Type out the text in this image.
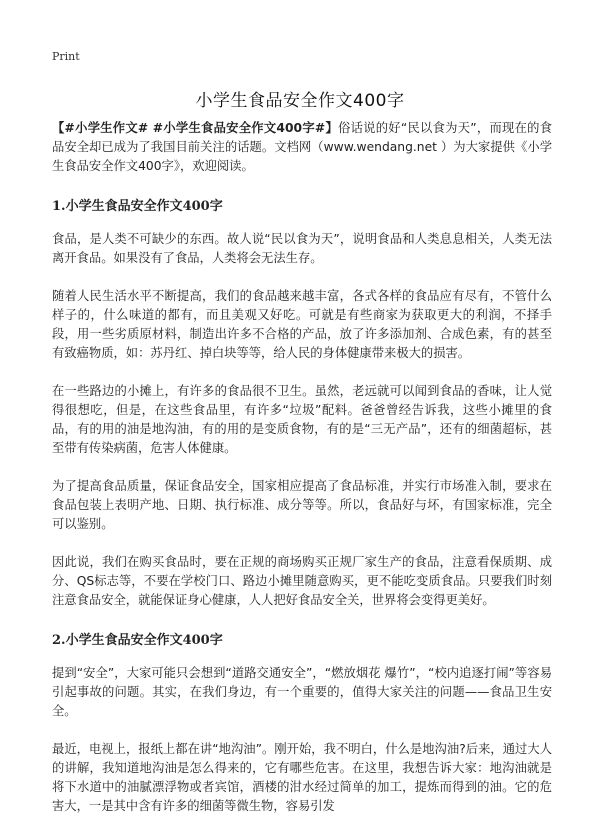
Print
小学生食品安全作文400字

【#小学生作文# #小学生食品安全作文400字#】俗话说的好“民以食为天”，而现在的食品安全却已成为了我国目前关注的话题。文档网（www.wendang.net ）为大家提供《小学生食品安全作文400字》，欢迎阅读。

1.小学生食品安全作文400字

食品，是人类不可缺少的东西。故人说“民以食为天”，说明食品和人类息息相关，人类无法离开食品。如果没有了食品，人类将会无法生存。

随着人民生活水平不断提高，我们的食品越来越丰富，各式各样的食品应有尽有，不管什么样子的，什么味道的都有，而且美观又好吃。可就是有些商家为获取更大的利润，不择手段，用一些劣质原材料，制造出许多不合格的产品，放了许多添加剂、合成色素，有的甚至有致癌物质，如：苏丹红、掉白块等等，给人民的身体健康带来极大的损害。

在一些路边的小摊上，有许多的食品很不卫生。虽然，老远就可以闻到食品的香味，让人觉得很想吃，但是，在这些食品里，有许多“垃圾”配料。爸爸曾经告诉我，这些小摊里的食品，有的用的油是地沟油，有的用的是变质食物，有的是“三无产品”，还有的细菌超标，甚至带有传染病菌，危害人体健康。

为了提高食品质量，保证食品安全，国家相应提高了食品标准，并实行市场准入制，要求在食品包装上表明产地、日期、执行标准、成分等等。所以，食品好与坏，有国家标准，完全可以鉴别。

因此说，我们在购买食品时，要在正规的商场购买正规厂家生产的食品，注意看保质期、成分、QS标志等，不要在学校门口、路边小摊里随意购买，更不能吃变质食品。只要我们时刻注意食品安全，就能保证身心健康，人人把好食品安全关，世界将会变得更美好。

2.小学生食品安全作文400字

提到“安全”，大家可能只会想到“道路交通安全”，“燃放烟花 爆竹”，“校内追逐打闹”等容易引起事故的问题。其实，在我们身边，有一个重要的，值得大家关注的问题——食品卫生安全。

最近，电视上，报纸上都在讲“地沟油”。刚开始，我不明白，什么是地沟油?后来，通过大人的讲解，我知道地沟油是怎么得来的，它有哪些危害。在这里，我想告诉大家：地沟油就是将下水道中的油腻漂浮物或者宾馆，酒楼的泔水经过简单的加工，提炼而得到的油。它的危害大，一是其中含有许多的细菌等微生物，容易引发
